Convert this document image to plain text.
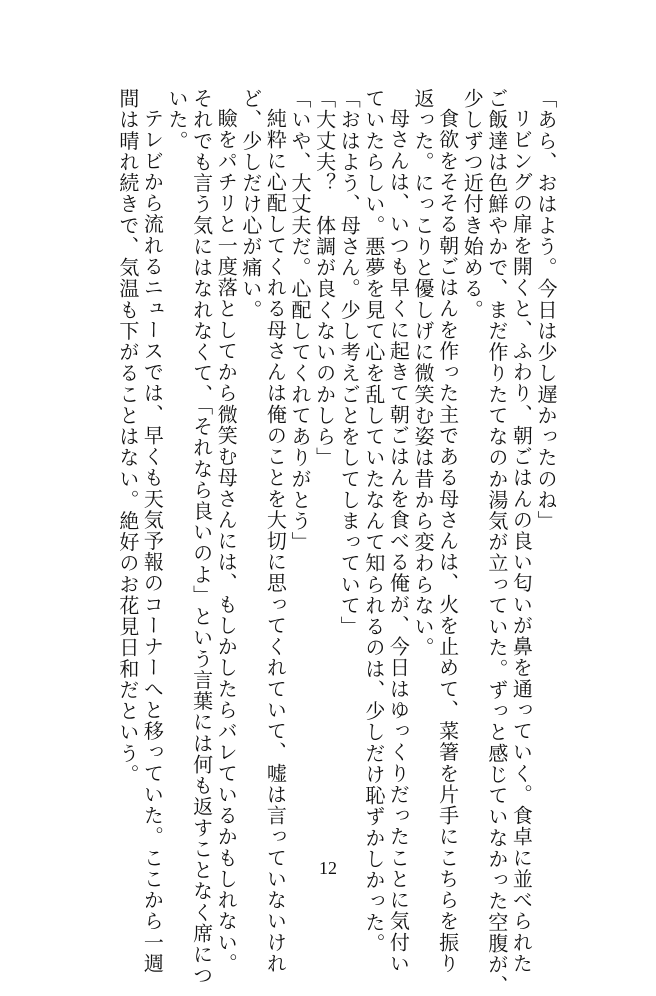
「あら、おはよう。今日は少し遅かったのね」
リビングの扉を開くと、ふわり、朝ごはんの良い匂いが鼻を通っていく。食卓に並べられた
ご飯達は色鮮やかで、まだ作りたてなのか湯気が立っていた。ずっと感じていなかった空腹が、
少しずつ近付き始める。
食欲をそそる朝ごはんを作った主である母さんは、火を止めて、菜箸を片手にこちらを振り
返った。にっこりと優しげに微笑む姿は昔から変わらない。
母さんは、いつも早くに起きて朝ごはんを食べる俺が、今日はゆっくりだったことに気付い
ていたらしい。悪夢を見て心を乱していたなんて知られるのは、少しだけ恥ずかしかった。
「おはよう、母さん。少し考えごとをしてしまっていて」
「大丈夫？　体調が良くないのかしら」
「いや、大丈夫だ。心配してくれてありがとう」
純粋に心配してくれる母さんは俺のことを大切に思ってくれていて、嘘は言っていないけれ
ど、少しだけ心が痛い。
瞼をパチリと一度落としてから微笑む母さんには、もしかしたらバレているかもしれない。
それでも言う気にはなれなくて、「それなら良いのよ」という言葉には何も返すことなく席につ
いた。
テレビから流れるニュースでは、早くも天気予報のコーナーへと移っていた。ここから一週
間は晴れ続きで、気温も下がることはない。絶好のお花見日和だという。
12
